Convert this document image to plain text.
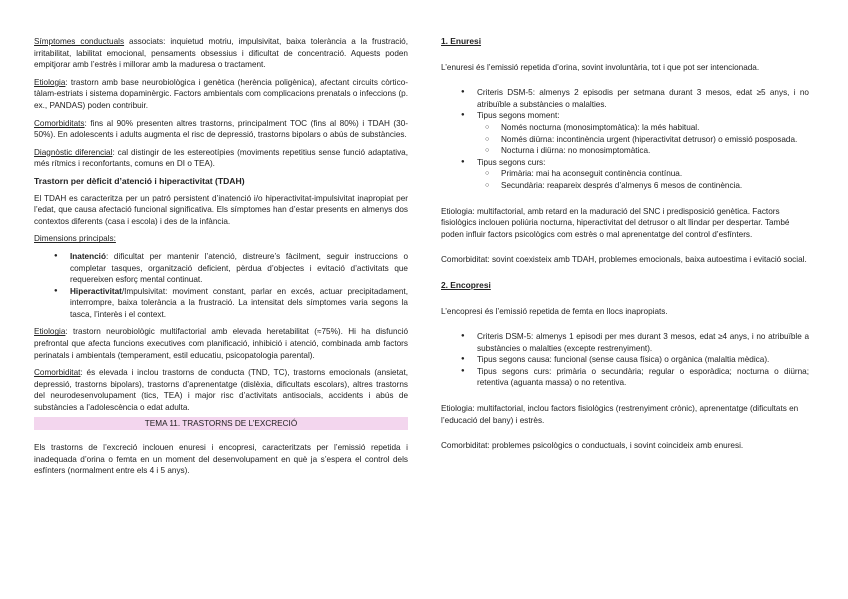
Símptomes conductuals associats: inquietud motriu, impulsivitat, baixa tolerància a la frustració, irritabilitat, labilitat emocional, pensaments obsessius i dificultat de concentració. Aquests poden empitjorar amb l’estrès i millorar amb la maduresa o tractament.

Etiologia: trastorn amb base neurobiològica i genètica (herència poligènica), afectant circuits còrtico-tàlam-estriats i sistema dopaminèrgic. Factors ambientals com complicacions prenatals o infeccions (p. ex., PANDAS) poden contribuir.

Comorbiditats: fins al 90% presenten altres trastorns, principalment TOC (fins al 80%) i TDAH (30-50%). En adolescents i adults augmenta el risc de depressió, trastorns bipolars o abús de substàncies.

Diagnòstic diferencial: cal distingir de les estereotípies (moviments repetitius sense funció adaptativa, més rítmics i reconfortants, comuns en DI o TEA).

Trastorn per dèficit d’atenció i hiperactivitat (TDAH)

El TDAH es caracteritza per un patró persistent d’inatenció i/o hiperactivitat-impulsivitat inapropiat per l’edat, que causa afectació funcional significativa. Els símptomes han d’estar presents en almenys dos contextos diferents (casa i escola) i des de la infància.

Dimensions principals:

● Inatenció: dificultat per mantenir l’atenció, distreure’s fàcilment, seguir instruccions o completar tasques, organització deficient, pèrdua d’objectes i evitació d’activitats que requereixen esforç mental continuat.
● Hiperactivitat/Impulsivitat: moviment constant, parlar en excés, actuar precipitadament, interrompre, baixa tolerància a la frustració. La intensitat dels símptomes varia segons la tasca, l’interès i el context.

Etiologia: trastorn neurobiològic multifactorial amb elevada heretabilitat (≈75%). Hi ha disfunció prefrontal que afecta funcions executives com planificació, inhibició i atenció, combinada amb factors perinatals i ambientals (temperament, estil educatiu, psicopatologia parental).

Comorbiditat: és elevada i inclou trastorns de conducta (TND, TC), trastorns emocionals (ansietat, depressió, trastorns bipolars), trastorns d’aprenentatge (dislèxia, dificultats escolars), altres trastorns del neurodesenvolupament (tics, TEA) i major risc d’activitats antisocials, accidents i abús de substàncies a l’adolescència o edat adulta.

TEMA 11. TRASTORNS DE L’EXCRECIÓ

Els trastorns de l’excreció inclouen enuresi i encopresi, caracteritzats per l’emissió repetida i inadequada d’orina o femta en un moment del desenvolupament en què ja s’espera el control dels esfínters (normalment entre els 4 i 5 anys).

1. Enuresi

L’enuresi és l’emissió repetida d’orina, sovint involuntària, tot i que pot ser intencionada.

● Criteris DSM-5: almenys 2 episodis per setmana durant 3 mesos, edat ≥5 anys, i no atribuïble a substàncies o malalties.
● Tipus segons moment:
○ Només nocturna (monosimptomàtica): la més habitual.
○ Només diürna: incontinència urgent (hiperactivitat detrusor) o emissió posposada.
○ Nocturna i diürna: no monosimptomàtica.
● Tipus segons curs:
○ Primària: mai ha aconseguit continència contínua.
○ Secundària: reapareix després d’almenys 6 mesos de continència.

Etiologia: multifactorial, amb retard en la maduració del SNC i predisposició genètica. Factors fisiològics inclouen poliúria nocturna, hiperactivitat del detrusor o alt llindar per despertar. També poden influir factors psicològics com estrès o mal aprenentatge del control d’esfínters.

Comorbiditat: sovint coexisteix amb TDAH, problemes emocionals, baixa autoestima i evitació social.

2. Encopresi

L’encopresi és l’emissió repetida de femta en llocs inapropiats.

● Criteris DSM-5: almenys 1 episodi per mes durant 3 mesos, edat ≥4 anys, i no atribuïble a substàncies o malalties (excepte restrenyiment).
● Tipus segons causa: funcional (sense causa física) o orgànica (malaltia mèdica).
● Tipus segons curs: primària o secundària; regular o esporàdica; nocturna o diürna; retentiva (aguanta massa) o no retentiva.

Etiologia: multifactorial, inclou factors fisiològics (restrenyiment crònic), aprenentatge (dificultats en l’educació del bany) i estrès.

Comorbiditat: problemes psicològics o conductuals, i sovint coincideix amb enuresi.
